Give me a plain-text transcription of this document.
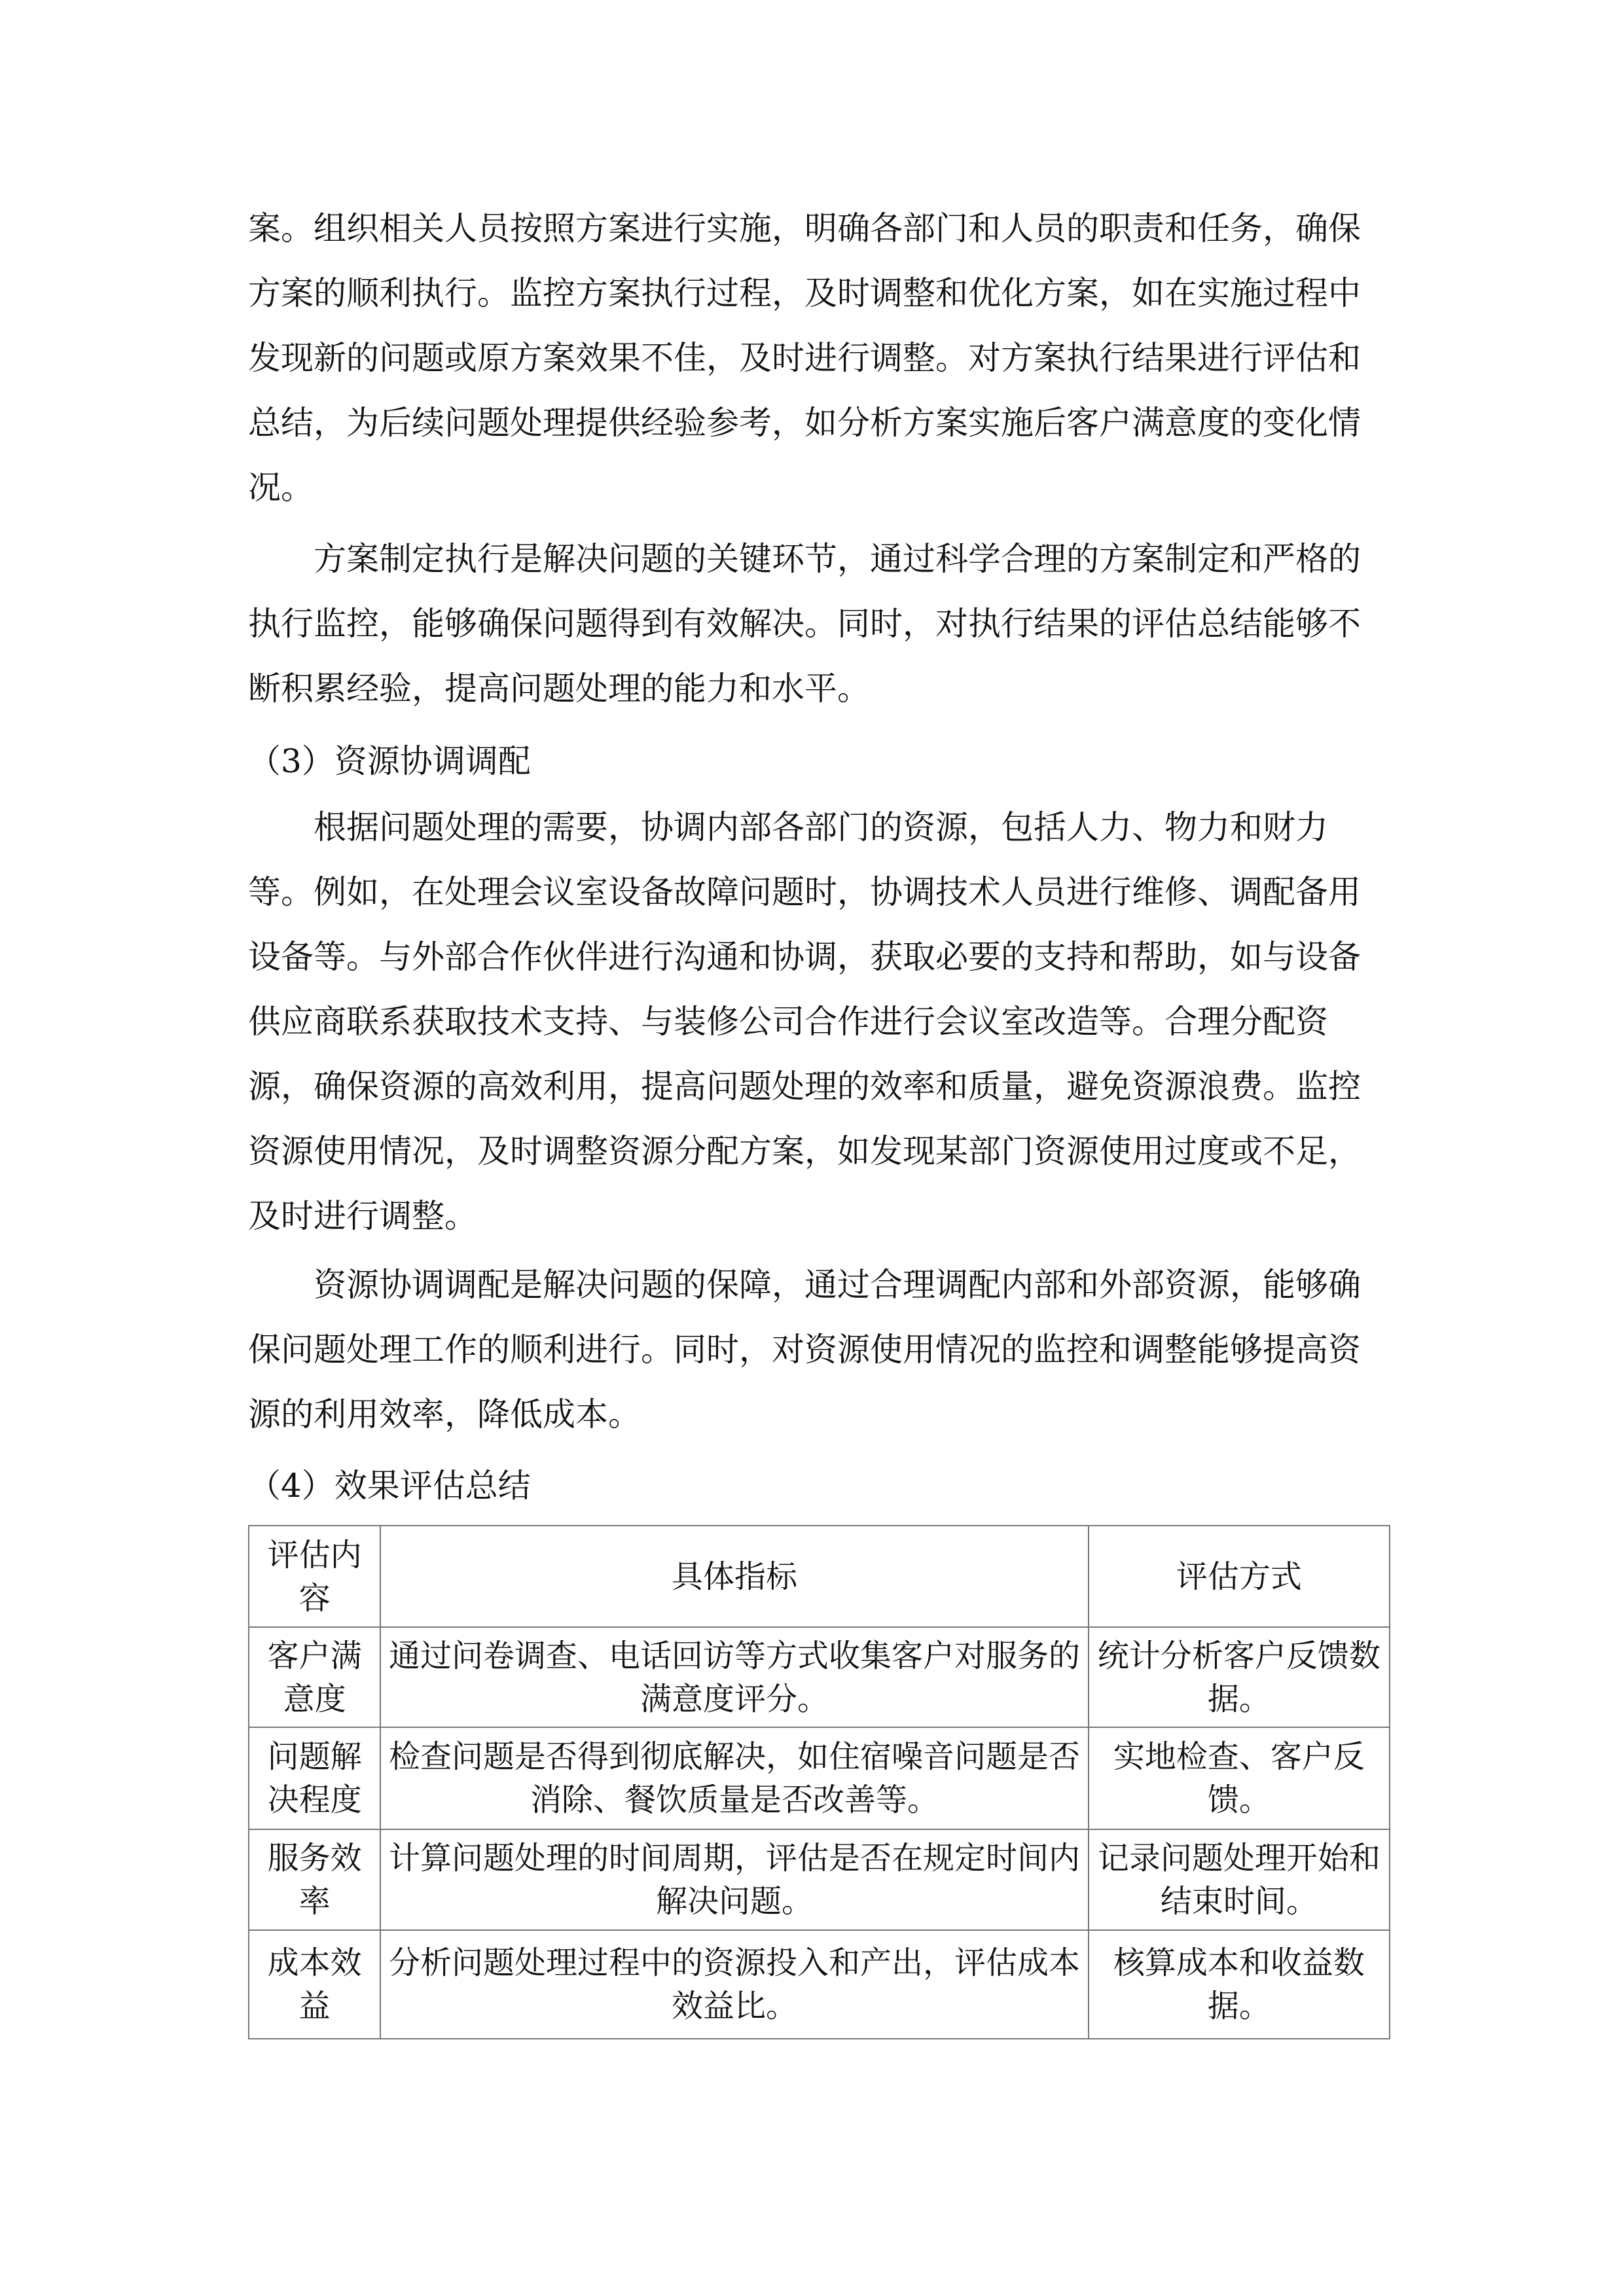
案。组织相关人员按照方案进行实施，明确各部门和人员的职责和任务，确保
方案的顺利执行。监控方案执行过程，及时调整和优化方案，如在实施过程中
发现新的问题或原方案效果不佳，及时进行调整。对方案执行结果进行评估和
总结，为后续问题处理提供经验参考，如分析方案实施后客户满意度的变化情
况。
方案制定执行是解决问题的关键环节，通过科学合理的方案制定和严格的
执行监控，能够确保问题得到有效解决。同时，对执行结果的评估总结能够不
断积累经验，提高问题处理的能力和水平。
（3）资源协调调配
根据问题处理的需要，协调内部各部门的资源，包括人力、物力和财力
等。例如，在处理会议室设备故障问题时，协调技术人员进行维修、调配备用
设备等。与外部合作伙伴进行沟通和协调，获取必要的支持和帮助，如与设备
供应商联系获取技术支持、与装修公司合作进行会议室改造等。合理分配资
源，确保资源的高效利用，提高问题处理的效率和质量，避免资源浪费。监控
资源使用情况，及时调整资源分配方案，如发现某部门资源使用过度或不足，
及时进行调整。
资源协调调配是解决问题的保障，通过合理调配内部和外部资源，能够确
保问题处理工作的顺利进行。同时，对资源使用情况的监控和调整能够提高资
源的利用效率，降低成本。
（4）效果评估总结
评估内容	具体指标	评估方式
客户满意度	通过问卷调查、电话回访等方式收集客户对服务的满意度评分。	统计分析客户反馈数据。
问题解决程度	检查问题是否得到彻底解决，如住宿噪音问题是否消除、餐饮质量是否改善等。	实地检查、客户反馈。
服务效率	计算问题处理的时间周期，评估是否在规定时间内解决问题。	记录问题处理开始和结束时间。
成本效益	分析问题处理过程中的资源投入和产出，评估成本效益比。	核算成本和收益数据。
